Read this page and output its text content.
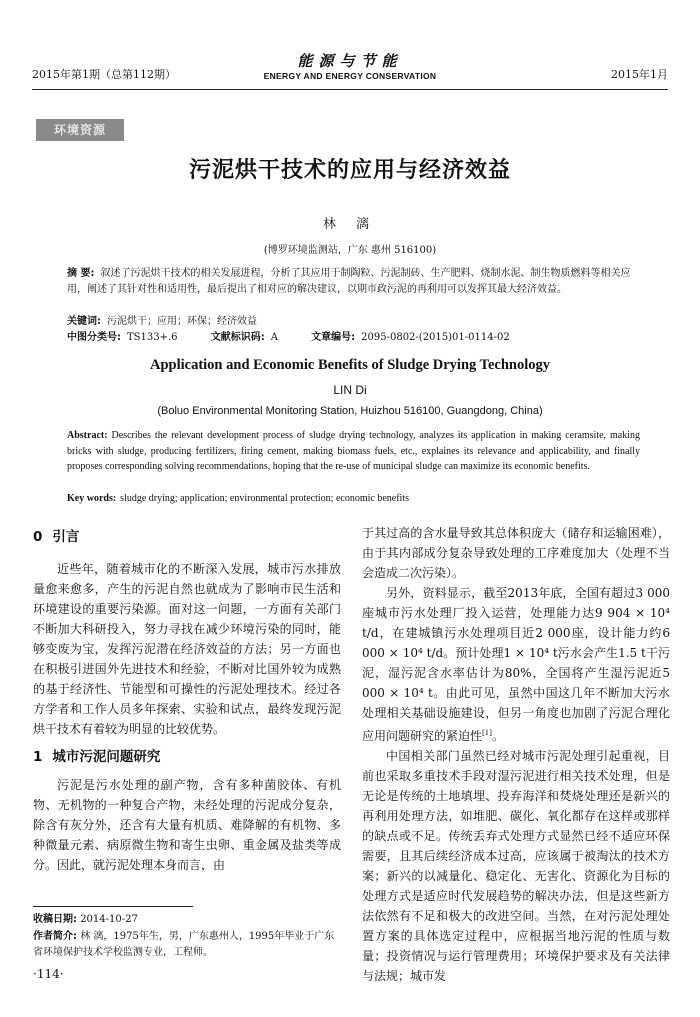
2015年第1期（总第112期）
能源与节能
ENERGY AND ENERGY CONSERVATION	2015年1月
环境资源
污泥烘干技术的应用与经济效益
林 漓
(博罗环境监测站，广东 惠州 516100)
摘 要: 叙述了污泥烘干技术的相关发展进程，分析了其应用于制陶粒、污泥制砖、生产肥料、烧制水泥、制生物质燃料等相关应用，阐述了其针对性和适用性，最后提出了相对应的解决建议，以期市政污泥的再利用可以发挥其最大经济效益。
关键词: 污泥烘干；应用；环保；经济效益
中图分类号: TS133+.6	文献标识码: A	文章编号: 2095-0802-(2015)01-0114-02
Application and Economic Benefits of Sludge Drying Technology
LIN Di
(Boluo Environmental Monitoring Station, Huizhou 516100, Guangdong, China)
Abstract: Describes the relevant development process of sludge drying technology, analyzes its application in making ceramsite, making bricks with sludge, producing fertilizers, firing cement, making biomass fuels, etc., explaines its relevance and applicability, and finally proposes corresponding solving recommendations, hoping that the re-use of municipal sludge can maximize its economic benefits.
Key words: sludge drying; application; environmental protection; economic benefits
0 引言

近些年，随着城市化的不断深入发展，城市污水排放量愈来愈多，产生的污泥自然也就成为了影响市民生活和环境建设的重要污染源。面对这一问题，一方面有关部门不断加大科研投入，努力寻找在减少环境污染的同时，能够变废为宝，发挥污泥潜在经济效益的方法；另一方面也在积极引进国外先进技术和经验，不断对比国外较为成熟的基于经济性、节能型和可操性的污泥处理技术。经过各方学者和工作人员多年探索、实验和试点，最终发现污泥烘干技术有着较为明显的比较优势。

1 城市污泥问题研究

污泥是污水处理的副产物，含有多种菌胶体、有机物、无机物的一种复合产物，未经处理的污泥成分复杂，除含有灰分外，还含有大量有机质、难降解的有机物、多种微量元素、病原微生物和寄生虫卵、重金属及盐类等成分。因此，就污泥处理本身而言，由

于其过高的含水量导致其总体积庞大（储存和运输困难），由于其内部成分复杂导致处理的工序难度加大（处理不当会造成二次污染）。

另外，资料显示，截至2013年底，全国有超过3 000座城市污水处理厂投入运营，处理能力达9 904 × 10⁴ t/d，在建城镇污水处理项目近2 000座，设计能力约6 000 × 10⁴ t/d。预计处理1 × 10⁴ t污水会产生1.5 t干污泥，湿污泥含水率估计为80%，全国将产生湿污泥近5 000 × 10⁴ t。由此可见，虽然中国这几年不断加大污水处理相关基础设施建设，但另一角度也加剧了污泥合理化应用问题研究的紧迫性[1]。

中国相关部门虽然已经对城市污泥处理引起重视，目前也采取多重技术手段对湿污泥进行相关技术处理，但是无论是传统的土地填埋、投弃海洋和焚烧处理还是新兴的再利用处理方法，如堆肥、碳化、氧化都存在这样或那样的缺点或不足。传统丢弃式处理方式显然已经不适应环保需要，且其后续经济成本过高，应该属于被淘汰的技术方案；新兴的以减量化、稳定化、无害化、资源化为目标的处理方式是适应时代发展趋势的解决办法，但是这些新方法依然有不足和极大的改进空间。当然，在对污泥处理处置方案的具体选定过程中，应根据当地污泥的性质与数量；投资情况与运行管理费用；环境保护要求及有关法律与法规；城市发

收稿日期: 2014-10-27
作者简介: 林 漓，1975年生，男，广东惠州人，1995年毕业于广东省环境保护技术学校监测专业，工程师。
·114·
